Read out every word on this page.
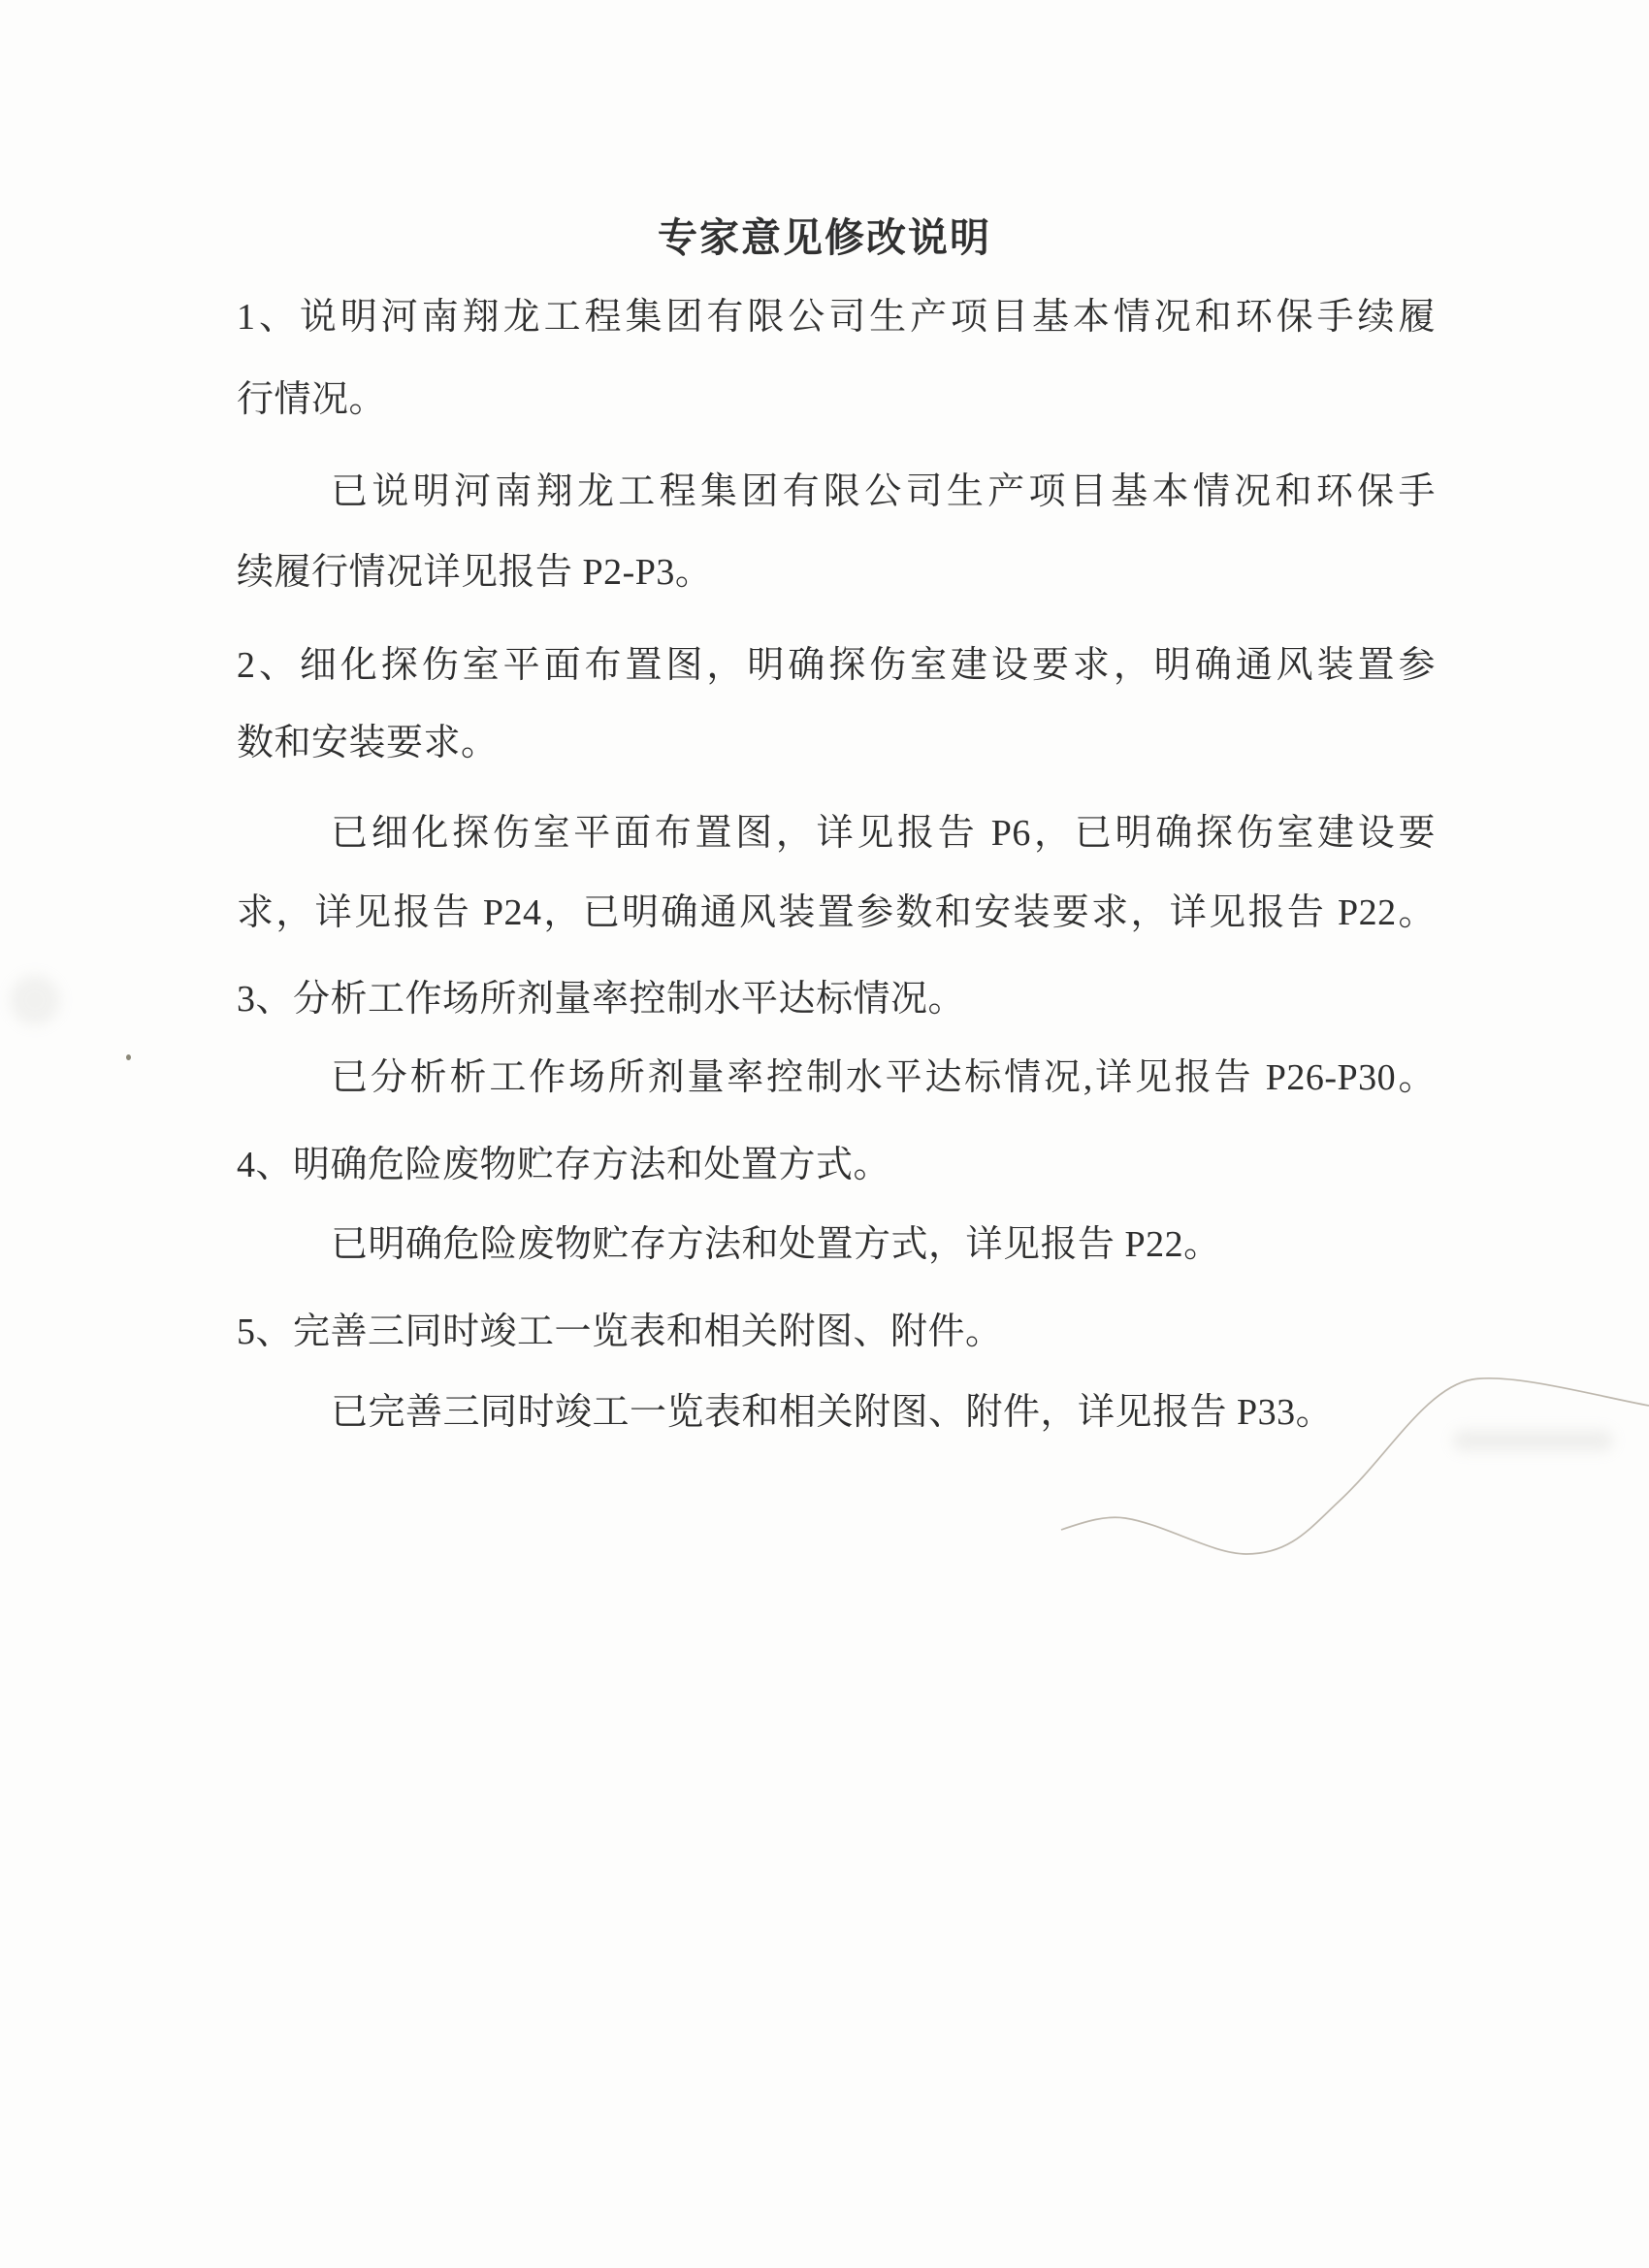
专家意见修改说明
1、说明河南翔龙工程集团有限公司生产项目基本情况和环保手续履
行情况。
已说明河南翔龙工程集团有限公司生产项目基本情况和环保手
续履行情况详见报告 P2-P3。
2、细化探伤室平面布置图，明确探伤室建设要求，明确通风装置参
数和安装要求。
已细化探伤室平面布置图，详见报告 P6，已明确探伤室建设要
求，详见报告 P24，已明确通风装置参数和安装要求，详见报告 P22。
3、分析工作场所剂量率控制水平达标情况。
已分析析工作场所剂量率控制水平达标情况,详见报告 P26-P30。
4、明确危险废物贮存方法和处置方式。
已明确危险废物贮存方法和处置方式，详见报告 P22。
5、完善三同时竣工一览表和相关附图、附件。
已完善三同时竣工一览表和相关附图、附件，详见报告 P33。
